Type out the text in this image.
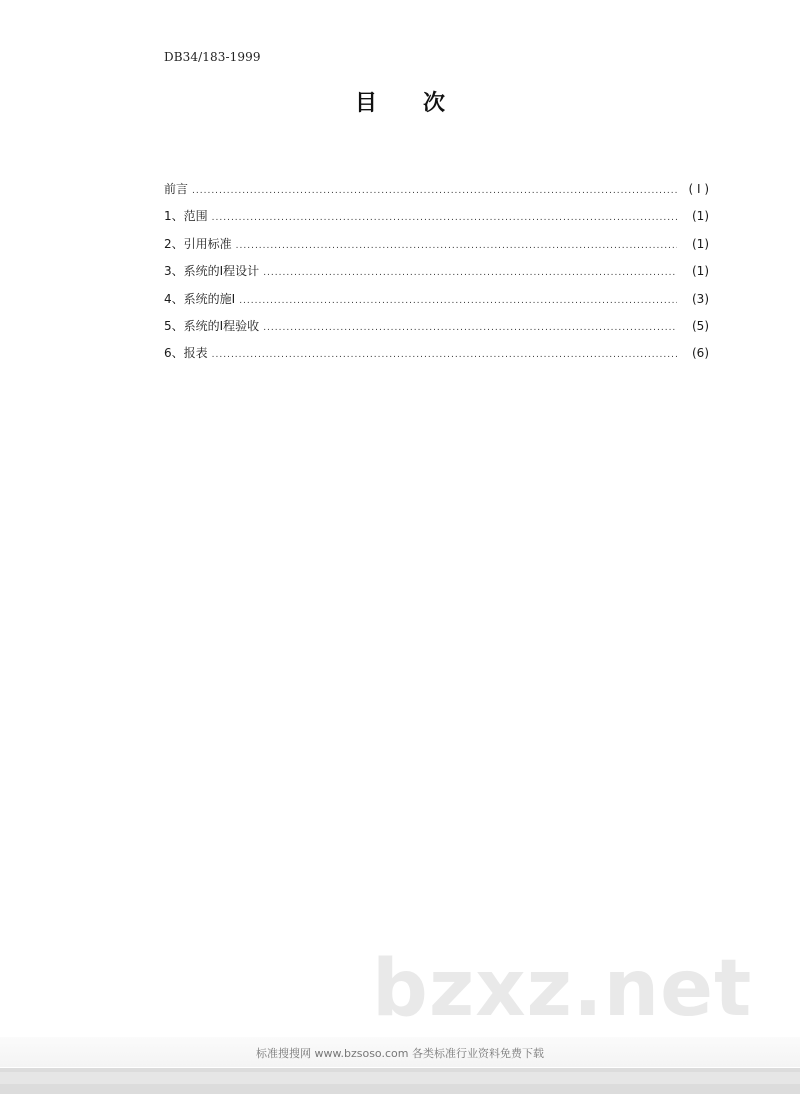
DB34/183-1999
目 次
前言 .....	( I )
1、范围 .....	(1)
2、引用标准 .....	(1)
3、系统的Ⅰ程设计 .....	(1)
4、系统的施Ⅰ .....	(3)
5、系统的Ⅰ程验收 .....	(5)
6、报表 .....	(6)
bzxz.net
标准搜搜网 www.bzsoso.com 各类标准行业资料免费下载
